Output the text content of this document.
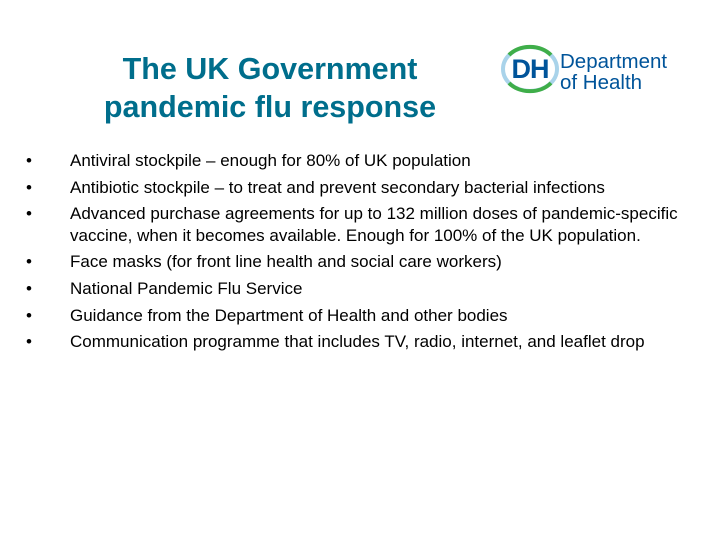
The UK Government
pandemic flu response
DH Department
of Health
•	Antiviral stockpile – enough for 80% of UK population
•	Antibiotic stockpile – to treat and prevent secondary bacterial infections
•	Advanced purchase agreements for up to 132 million doses of pandemic-specific vaccine, when it becomes available. Enough for 100% of the UK population.
•	Face masks (for front line health and social care workers)
•	National Pandemic Flu Service
•	Guidance from the Department of Health and other bodies
•	Communication programme that includes TV, radio, internet, and leaflet drop
